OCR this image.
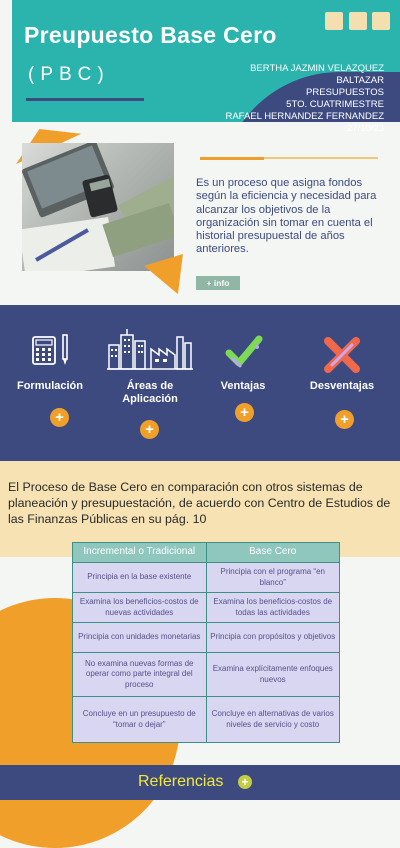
Preupuesto Base Cero
(PBC)	BERTHA JAZMIN VELAZQUEZ
BALTAZAR
PRESUPUESTOS
5TO. CUATRIMESTRE
RAFAEL HERNANDEZ FERNANDEZ
27/10/23
Es un proceso que asigna fondos según la eficiencia y necesidad para alcanzar los objetivos de la organización sin tomar en cuenta el historial presupuestal de años anteriores.
+ info
Formulación
+
Áreas de Aplicación
+
Ventajas
+
Desventajas
+
El Proceso de Base Cero en comparación con otros sistemas de planeación y presupuestación, de acuerdo con Centro de Estudios de las Finanzas Públicas en su pág. 10
Incremental o Tradicional	Base Cero
Principia en la base existente	Principia con el programa “en blanco”
Examina los beneficios-costos de nuevas actividades	Examina los beneficios-costos de todas las actividades
Principia con unidades monetarias	Principia con propósitos y objetivos
No examina nuevas formas de operar como parte integral del proceso	Examina explícitamente enfoques nuevos
Concluye en un presupuesto de “tomar o dejar”	Concluye en alternativas de varios niveles de servicio y costo
Referencias +
